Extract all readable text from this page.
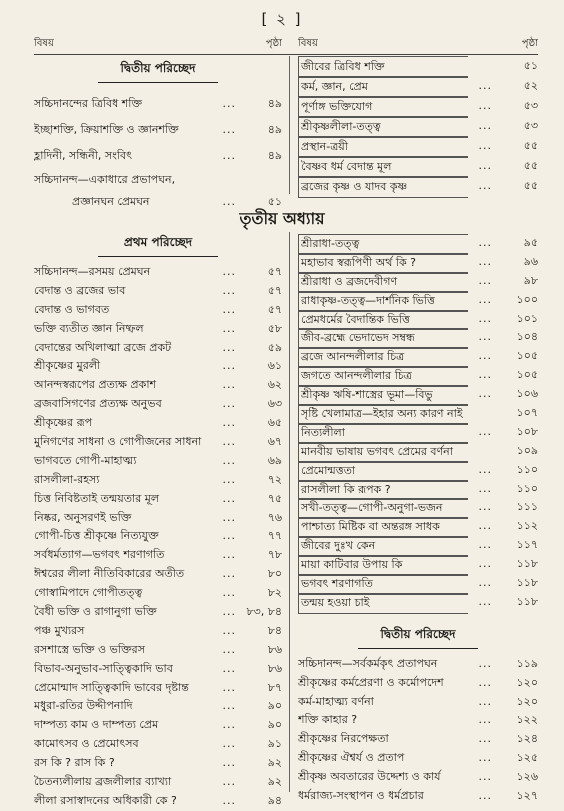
[ ২ ]
বিষয়	পৃষ্ঠা বিষয়	পৃষ্ঠা
দ্বিতীয় পরিচ্ছেদ
সচ্চিদানন্দের ত্রিবিধ শক্তি	...	৪৯
ইচ্ছাশক্তি, ক্রিয়াশক্তি ও জ্ঞানশক্তি	...	৪৯
হ্লাদিনী, সন্ধিনী, সংবিৎ	...	৪৯
সচ্চিদানন্দ—একাধারে প্রভাপঘন,
প্রজ্ঞানঘন প্রেমঘন	...	৫১
জীবের ত্রিবিধ শক্তি	৫১
কর্ম, জ্ঞান, প্রেম	...	৫২
পূর্ণাঙ্গ ভক্তিযোগ	...	৫৩
শ্রীকৃষ্ণলীলা-তত্ত্ব	...	৫৩
প্রস্থান-ত্রয়ী	...	৫৫
বৈষ্ণব ধর্ম বেদান্ত মূল	...	৫৫
ব্রজের কৃষ্ণ ও যাদব কৃষ্ণ	...	৫৫
তৃতীয় অধ্যায়
প্রথম পরিচ্ছেদ
সচ্চিদানন্দ—রসময় প্রেমঘন	...	৫৭
বেদান্ত ও ব্রজের ভাব	...	৫৭
বেদান্ত ও ভাগবত	...	৫৭
ভক্তি ব্যতীত জ্ঞান নিষ্ফল	...	৫৮
বেদান্তের অখিলাত্মা ব্রজে প্রকট	...	৫৯
শ্রীকৃষ্ণের মুরলী	...	৬১
আনন্দস্বরূপের প্রত্যক্ষ প্রকাশ	...	৬২
ব্রজবাসিগণের প্রত্যক্ষ অনুভব	...	৬৩
শ্রীকৃষ্ণের রূপ	...	৬৫
মুনিগণের সাধনা ও গোপীজনের সাধনা	...	৬৭
ভাগবতে গোপী-মাহাত্ম্য	...	৬৯
রাসলীলা-রহস্য	...	৭২
চিত্ত নিবিষ্টতাই তন্ময়তার মূল	...	৭৫
নিষ্কর, অনুসরণই ভক্তি	...	৭৬
গোপী-চিত্ত শ্রীকৃষ্ণে নিত্যযুক্ত	...	৭৭
সর্বধর্মত্যাগ—ভগবৎ শরণাগতি	...	৭৮
ঈশ্বরের লীলা নীতিবিকারের অতীত	...	৮০
গোস্বামিপাদে গোপীতত্ত্ব	...	৮২
বৈধী ভক্তি ও রাগানুগা ভক্তি	... ৮৩, ৮৪
পঞ্চ মুখ্যরস	...	৮৪
রসশাস্ত্রে ভক্তি ও ভক্তিরস	...	৮৬
বিভাব-অনুভাব-সাত্ত্বিকাদি ভাব	...	৮৬
প্রেমোন্মাদ সাত্ত্বিকাদি ভাবের দৃষ্টান্ত	...	৮৭
মধুরা-রতির উদ্দীপনাদি	...	৯০
দাম্পত্য কাম ও দাম্পত্য প্রেম	...	৯০
কামোৎসব ও প্রেমোৎসব	...	৯১
রস কি ? রাস কি ?	...	৯২
চৈতন্যলীলায় ব্রজলীলার ব্যাখ্যা	...	৯২
লীলা রসাস্বাদনের অধিকারী কে ?	...	৯৪
শ্রীরাধা-তত্ত্ব	...	৯৫
মহাভাব স্বরূপিণী অর্থ কি ?	...	৯৬
শ্রীরাধা ও ব্রজদেবীগণ	...	৯৮
রাধাকৃষ্ণ-তত্ত্ব—দার্শনিক ভিত্তি	...	১০০
প্রেমধর্মের বৈদান্তিক ভিত্তি	...	১০১
জীব-ব্রহ্মে ভেদাভেদ সম্বন্ধ	...	১০৪
ব্রজে আনন্দলীলার চিত্র	...	১০৫
জগতে আনন্দলীলার চিত্র	...	১০৫
শ্রীকৃষ্ণ ঋষি-শাস্ত্রের ভূমা—বিভু	...	১০৬
সৃষ্টি খেলামাত্র—ইহার অন্য কারণ নাই	১০৭
নিত্যলীলা	...	১০৮
মানবীয় ভাষায় ভগবৎ প্রেমের বর্ণনা	১০৯
প্রেমোন্মত্ততা	...	১১০
রাসলীলা কি রূপক ?	...	১১০
সখী-তত্ত্ব—গোপী-অনুগা-ভজন	...	১১১
পাশ্চাত্য মিষ্টিক বা অন্তরঙ্গ সাধক	...	১১২
জীবের দুঃখ কেন	...	১১৭
মায়া কাটিবার উপায় কি	...	১১৮
ভগবৎ শরণাগতি	...	১১৮
তন্ময় হওয়া চাই	...	১১৮
দ্বিতীয় পরিচ্ছেদ
সচ্চিদানন্দ—সর্বকর্মকৃৎ প্রতাপঘন	...	১১৯
শ্রীকৃষ্ণের কর্মপ্রেরণা ও কর্মোপদেশ	...	১২০
কর্ম-মাহাত্ম্য বর্ণনা	...	১২০
শক্তি কাহার ?	...	১২২
শ্রীকৃষ্ণের নিরপেক্ষতা	...	১২৪
শ্রীকৃষ্ণের ঐশ্বর্য ও প্রতাপ	...	১২৫
শ্রীকৃষ্ণ অবতারের উদ্দেশ্য ও কার্য	...	১২৬
ধর্মরাজ্য-সংস্থাপন ও ধর্মপ্রচার	...	১২৭
